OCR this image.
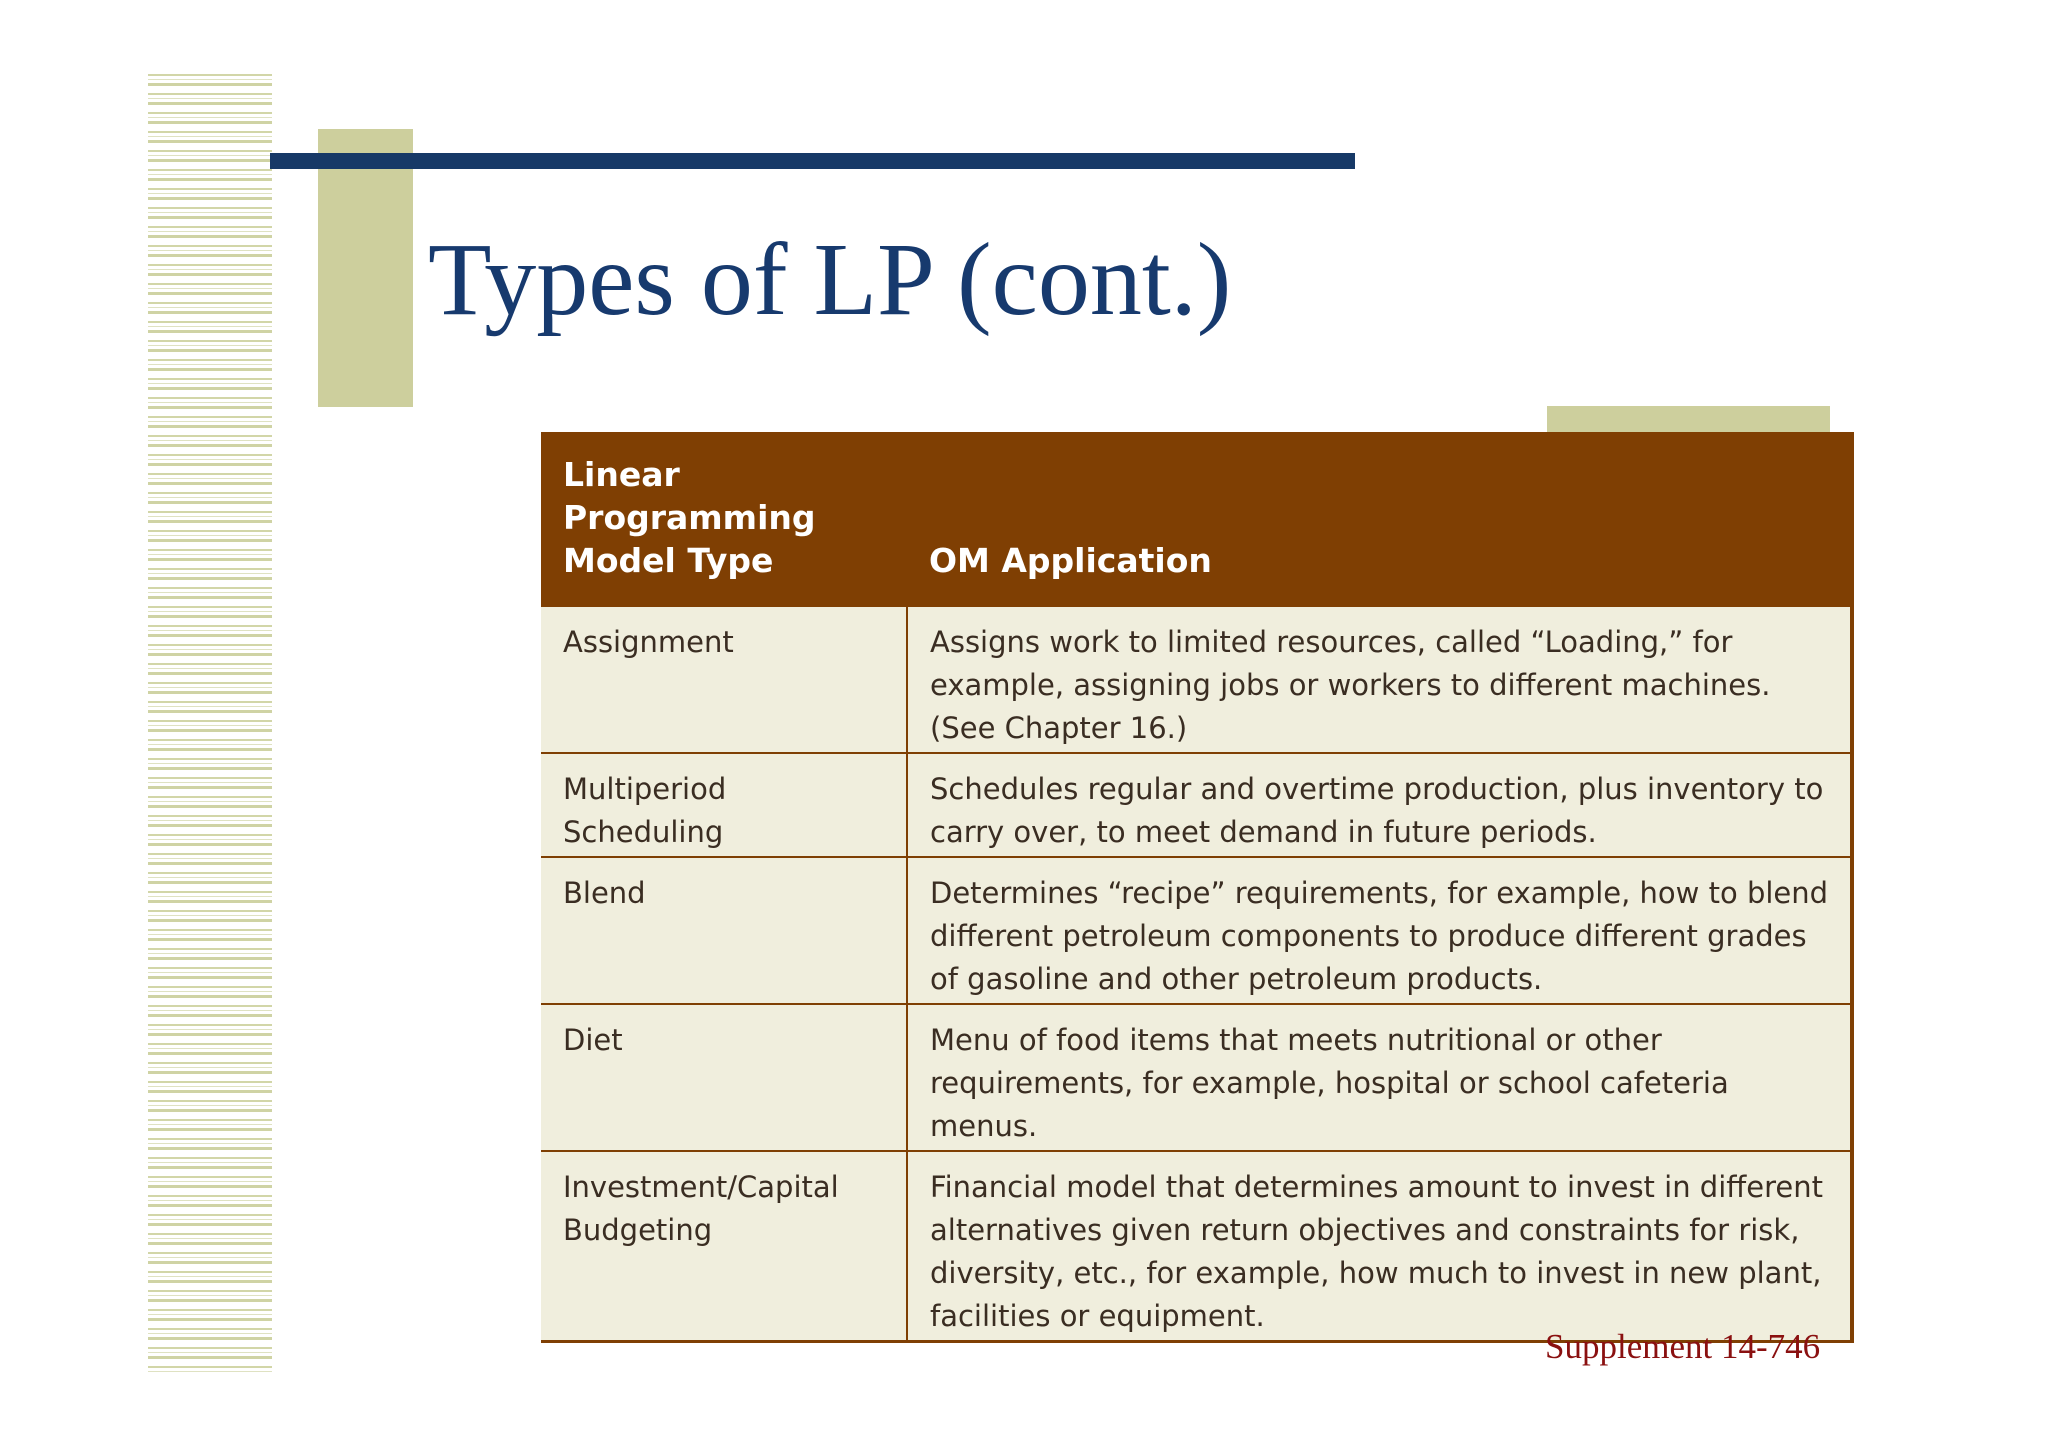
Types of LP (cont.)
Linear Programming
Model Type	OM Application
Assignment	Assigns work to limited resources, called “Loading,” for example, assigning jobs or workers to different machines. (See Chapter 16.)
Multiperiod Scheduling	Schedules regular and overtime production, plus inventory to carry over, to meet demand in future periods.
Blend	Determines “recipe” requirements, for example, how to blend different petroleum components to produce different grades of gasoline and other petroleum products.
Diet	Menu of food items that meets nutritional or other requirements, for example, hospital or school cafeteria menus.
Investment/Capital
Budgeting	Financial model that determines amount to invest in different alternatives given return objectives and constraints for risk, diversity, etc., for example, how much to invest in new plant, facilities or equipment.

Supplement 14-746
